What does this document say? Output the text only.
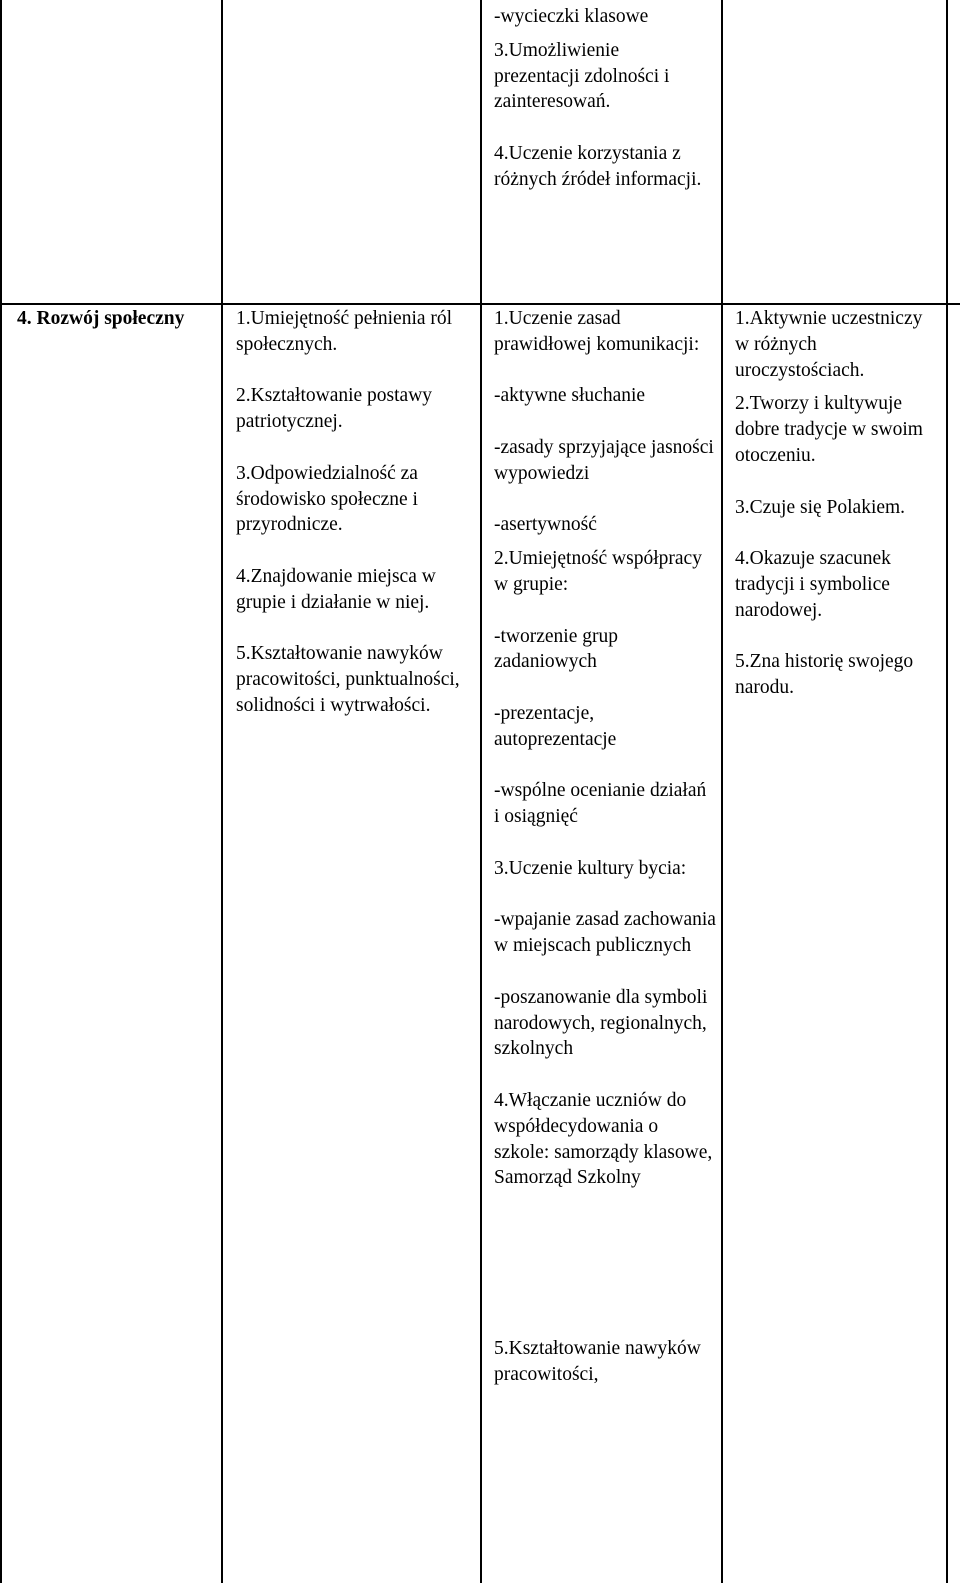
-wycieczki klasowe

3.Umożliwienie prezentacji zdolności i zainteresowań.

4.Uczenie korzystania z różnych źródeł informacji.

4. Rozwój społeczny	1.Umiejętność pełnienia ról społecznych.

2.Kształtowanie postawy patriotycznej.

3.Odpowiedzialność za środowisko społeczne i przyrodnicze.

4.Znajdowanie miejsca w grupie i działanie w niej.

5.Kształtowanie nawyków pracowitości, punktualności, solidności i wytrwałości.

1.Uczenie zasad prawidłowej komunikacji:

-aktywne słuchanie

-zasady sprzyjające jasności wypowiedzi

-asertywność

2.Umiejętność współpracy w grupie:

-tworzenie grup zadaniowych

-prezentacje, autoprezentacje

-wspólne ocenianie działań i osiągnięć

3.Uczenie kultury bycia:

-wpajanie zasad zachowania w miejscach publicznych

-poszanowanie dla symboli narodowych, regionalnych, szkolnych

4.Włączanie uczniów do współdecydowania o szkole: samorządy klasowe, Samorząd Szkolny

5.Kształtowanie nawyków pracowitości,

1.Aktywnie uczestniczy w różnych uroczystościach.

2.Tworzy i kultywuje dobre tradycje w swoim otoczeniu.

3.Czuje się Polakiem.

4.Okazuje szacunek tradycji i symbolice narodowej.

5.Zna historię swojego narodu.
